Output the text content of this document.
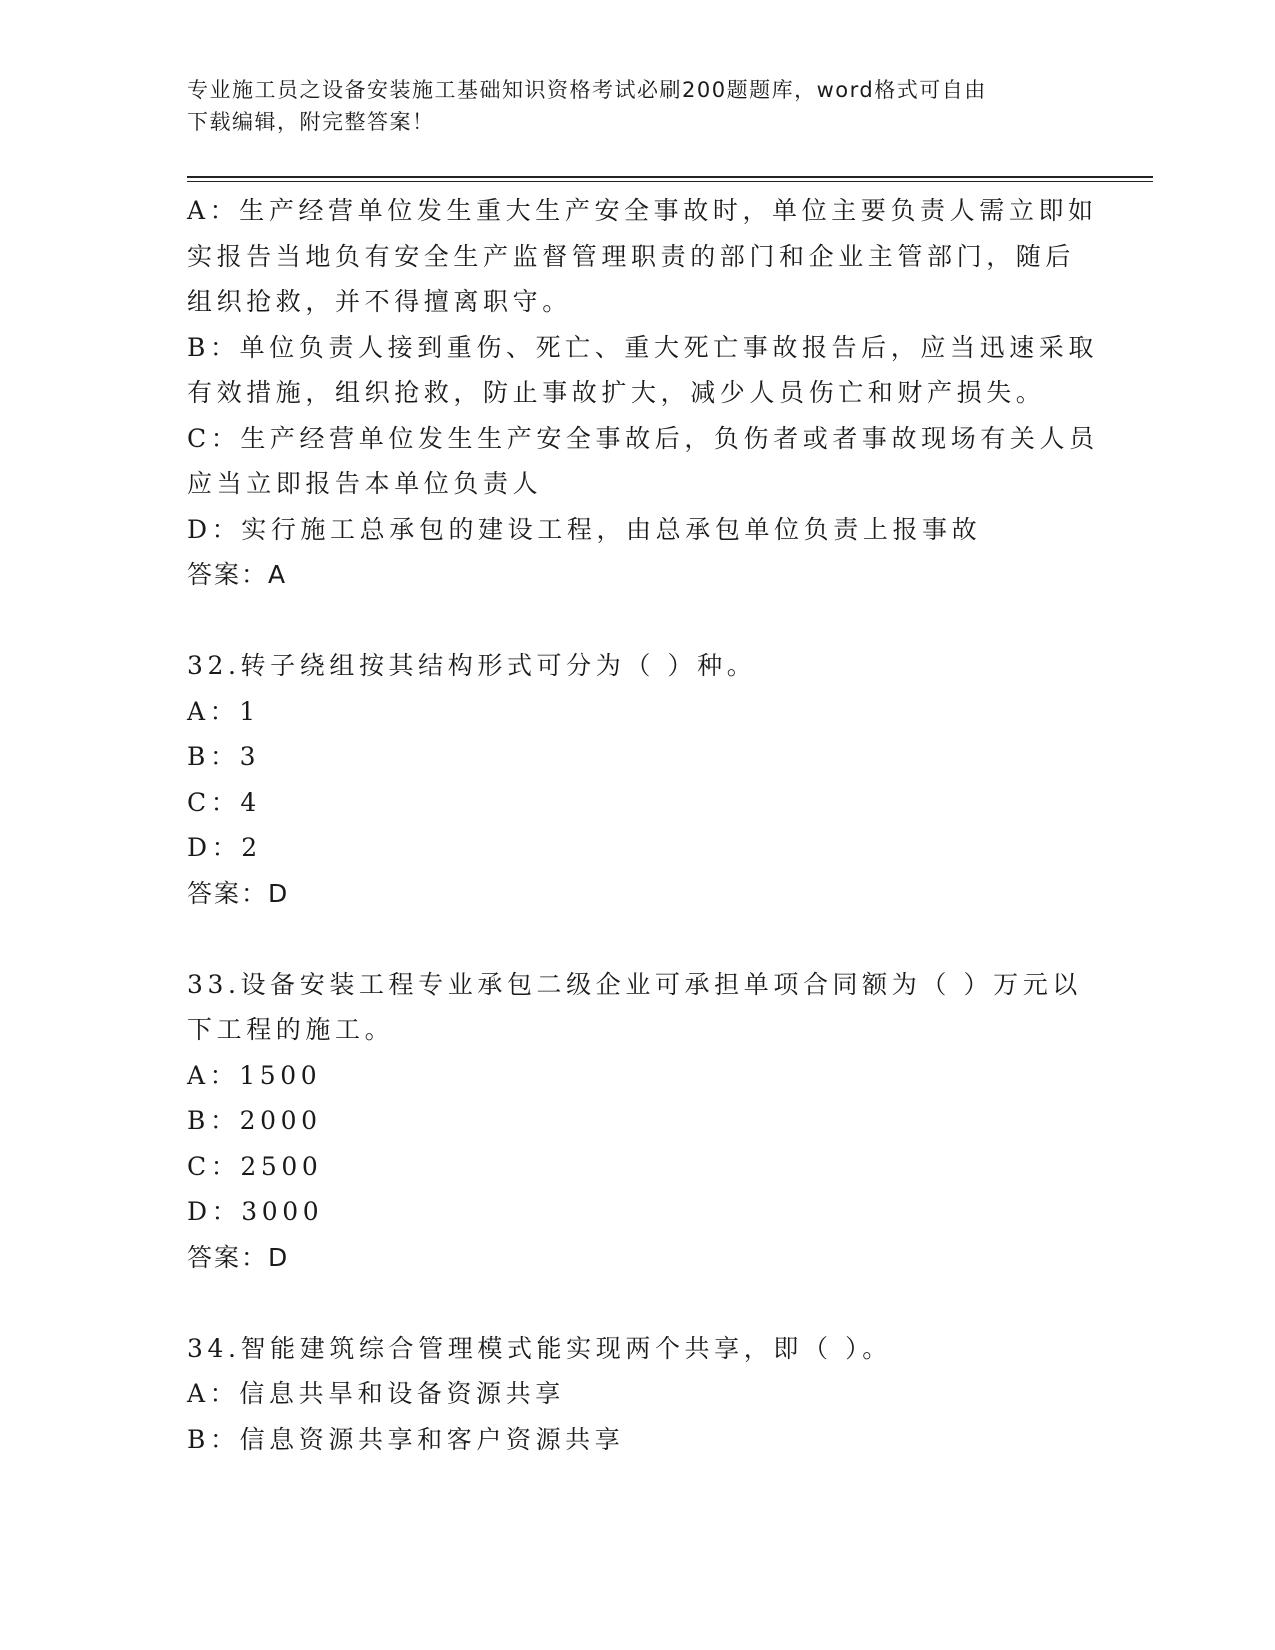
专业施工员之设备安装施工基础知识资格考试必刷200题题库，word格式可自由
下载编辑，附完整答案！
A：生产经营单位发生重大生产安全事故时，单位主要负责人需立即如
实报告当地负有安全生产监督管理职责的部门和企业主管部门，随后
组织抢救，并不得擅离职守。
B：单位负责人接到重伤、死亡、重大死亡事故报告后，应当迅速采取
有效措施，组织抢救，防止事故扩大，减少人员伤亡和财产损失。
C：生产经营单位发生生产安全事故后，负伤者或者事故现场有关人员
应当立即报告本单位负责人
D：实行施工总承包的建设工程，由总承包单位负责上报事故
答案：A
32.转子绕组按其结构形式可分为（ ）种。
A：1
B：3
C：4
D：2
答案：D
33.设备安装工程专业承包二级企业可承担单项合同额为（ ）万元以
下工程的施工。
A：1500
B：2000
C：2500
D：3000
答案：D
34.智能建筑综合管理模式能实现两个共享，即（ ）。
A：信息共旱和设备资源共享
B：信息资源共享和客户资源共享
